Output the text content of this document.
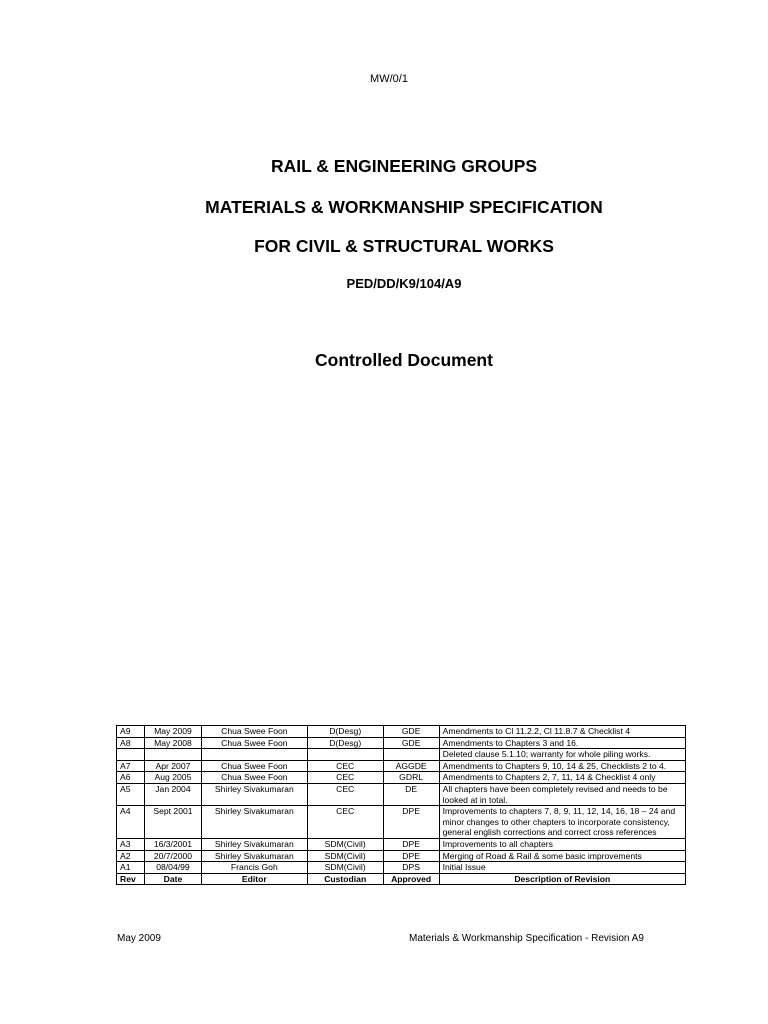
MW/0/1
RAIL & ENGINEERING GROUPS
MATERIALS & WORKMANSHIP SPECIFICATION
FOR CIVIL & STRUCTURAL WORKS
PED/DD/K9/104/A9
Controlled Document
A9	May 2009	Chua Swee Foon	D(Desg)	GDE	Amendments to Cl 11.2.2, Cl 11.8.7 & Checklist 4
A8	May 2008	Chua Swee Foon	D(Desg)	GDE	Amendments to Chapters 3 and 16.
					Deleted clause 5.1.10; warranty for whole piling works.
A7	Apr 2007	Chua Swee Foon	CEC	AGGDE	Amendments to Chapters 9, 10, 14 & 25, Checklists 2 to 4.
A6	Aug 2005	Chua Swee Foon	CEC	GDRL	Amendments to Chapters 2, 7, 11, 14 & Checklist 4 only
A5	Jan 2004	Shirley Sivakumaran	CEC	DE	All chapters have been completely revised and needs to be looked at in total.
A4	Sept 2001	Shirley Sivakumaran	CEC	DPE	Improvements to chapters 7, 8, 9, 11, 12, 14, 16, 18 – 24 and minor changes to other chapters to incorporate consistency, general english corrections and correct cross references
A3	16/3/2001	Shirley Sivakumaran	SDM(Civil)	DPE	Improvements to all chapters
A2	20/7/2000	Shirley Sivakumaran	SDM(Civil)	DPE	Merging of Road & Rail & some basic improvements
A1	08/04/99	Francis Goh	SDM(Civil)	DPS	Initial Issue
Rev	Date	Editor	Custodian	Approved	Description of Revision
May 2009	Materials & Workmanship Specification - Revision A9
